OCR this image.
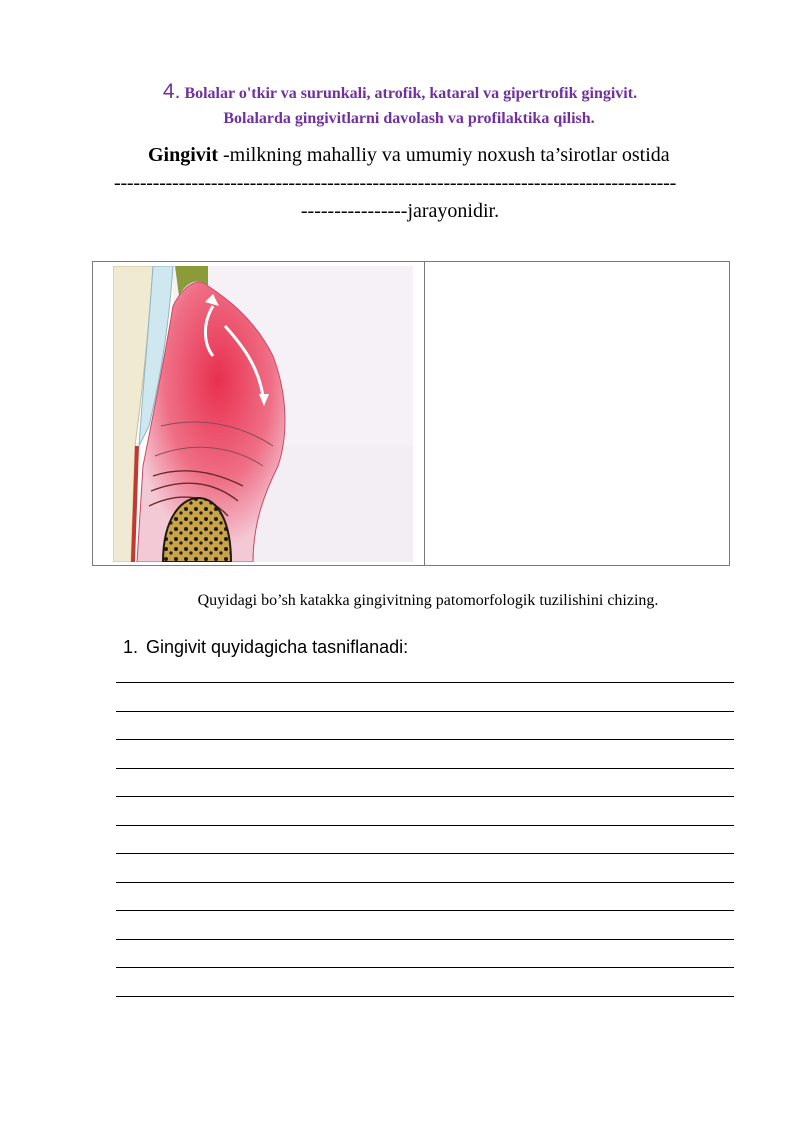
4. Bolalar o'tkir va surunkali, atrofik, kataral va gipertrofik gingivit.
Bolalarda gingivitlarni davolash va profilaktika qilish.
Gingivit -milkning mahalliy va umumiy noxush ta’sirotlar ostida
---------------------------------------------------------------------------------------
----------------jarayonidir.
Quyidagi bo’sh katakka gingivitning patomorfologik tuzilishini chizing.
1. Gingivit quyidagicha tasniflanadi:
